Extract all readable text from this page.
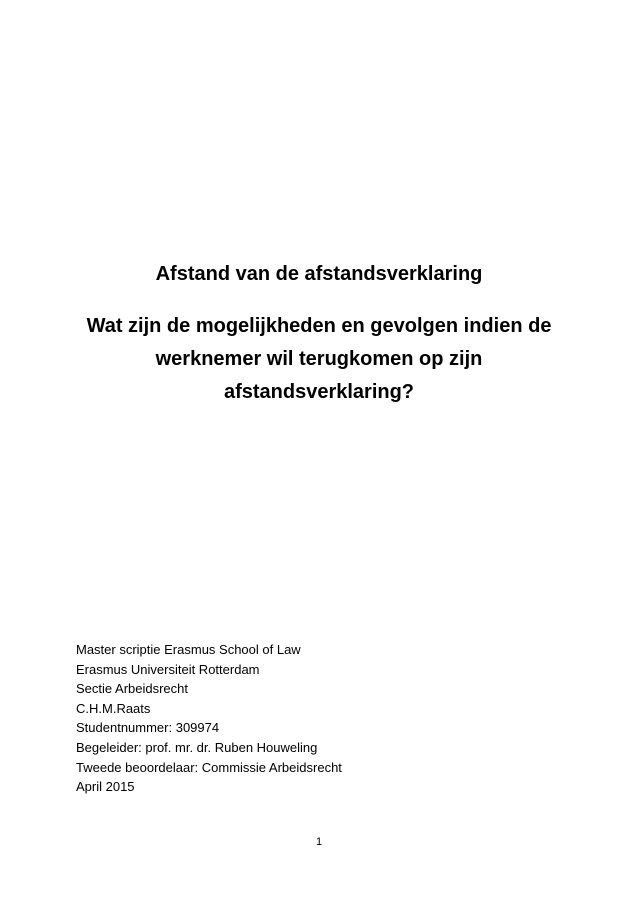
Afstand van de afstandsverklaring
Wat zijn de mogelijkheden en gevolgen indien de werknemer wil terugkomen op zijn afstandsverklaring?
Master scriptie Erasmus School of Law
Erasmus Universiteit Rotterdam
Sectie Arbeidsrecht
C.H.M.Raats
Studentnummer: 309974
Begeleider: prof. mr. dr. Ruben Houweling
Tweede beoordelaar: Commissie Arbeidsrecht
April 2015
1
